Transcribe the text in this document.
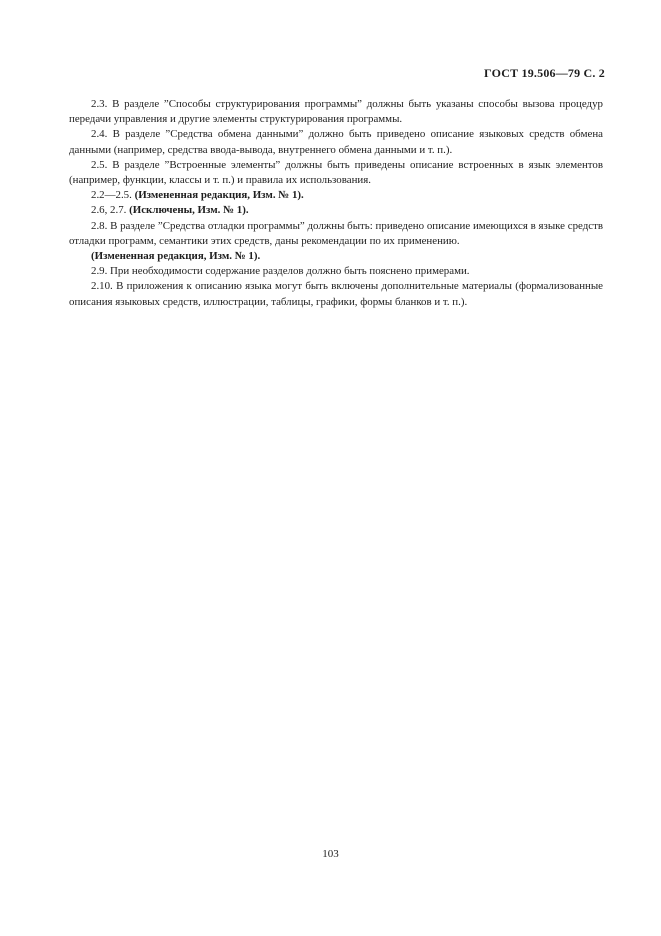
ГОСТ 19.506—79 С. 2

2.3. В разделе ”Способы структурирования программы” должны быть указаны способы вызова процедур передачи управления и другие элементы структурирования программы.

2.4. В разделе ”Средства обмена данными” должно быть приведено описание языковых средств обмена данными (например, средства ввода-вывода, внутреннего обмена данными и т. п.).

2.5. В разделе ”Встроенные элементы” должны быть приведены описание встроенных в язык элементов (например, функции, классы и т. п.) и правила их использования.

2.2—2.5. (Измененная редакция, Изм. № 1).

2.6, 2.7. (Исключены, Изм. № 1).

2.8. В разделе ”Средства отладки программы” должны быть: приведено описание имеющихся в языке средств отладки программ, семантики этих средств, даны рекомендации по их применению.

(Измененная редакция, Изм. № 1).

2.9. При необходимости содержание разделов должно быть пояснено примерами.

2.10. В приложения к описанию языка могут быть включены дополнительные материалы (формализованные описания языковых средств, иллюстрации, таблицы, графики, формы бланков и т. п.).

103
